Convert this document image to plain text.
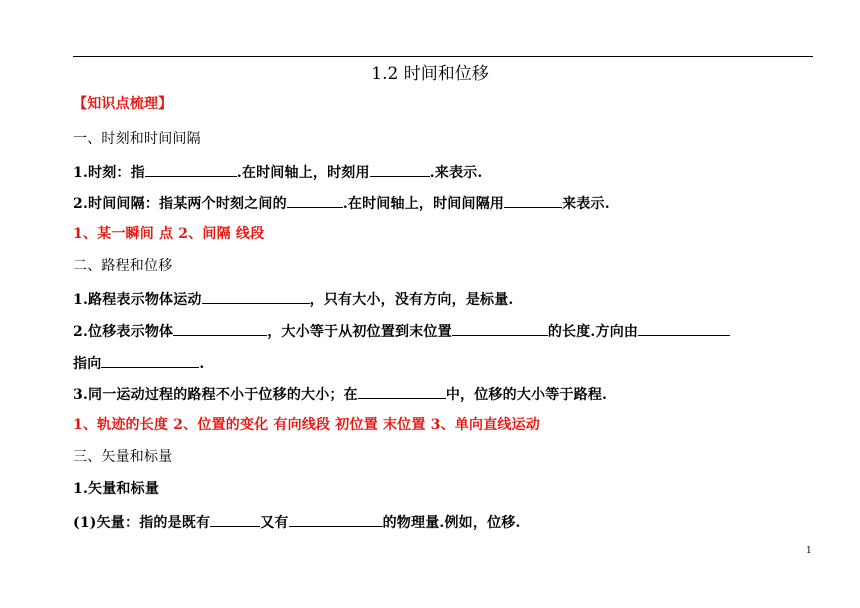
1.2 时间和位移
【知识点梳理】
一、时刻和时间间隔
1.时刻：指	.在时间轴上，时刻用	.来表示.
2.时间间隔：指某两个时刻之间的	.在时间轴上，时间间隔用	来表示.
1、某一瞬间 点 2、间隔 线段
二、路程和位移
1.路程表示物体运动	，只有大小，没有方向，是标量.
2.位移表示物体	，大小等于从初位置到末位置	的长度.方向由
指向	.
3.同一运动过程的路程不小于位移的大小；在	中，位移的大小等于路程.
1、轨迹的长度 2、位置的变化 有向线段 初位置 末位置 3、单向直线运动
三、矢量和标量
1.矢量和标量
(1)矢量：指的是既有	又有	的物理量.例如，位移.
1
